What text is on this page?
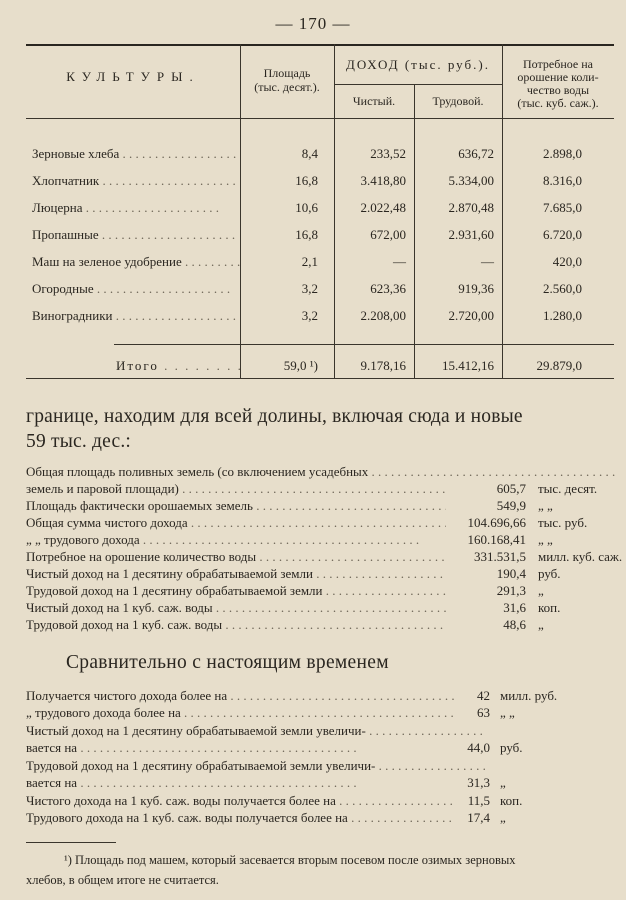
— 170 —
КУЛЬТУРЫ.	Площадь
(тыс. десят.).
ДОХОД (тыс. руб.).
Чистый.	Трудовой.
Потребное на
орошение коли-
чество воды
(тыс. куб. саж.).
Зерновые хлеба . . .	8,4	233,52	636,72	2.898,0
Хлопчатник . . .	16,8	3.418,80	5.334,00	8.316,0
Люцерна . . .	10,6	2.022,48	2.870,48	7.685,0
Пропашные . . .	16,8	672,00	2.931,60	6.720,0
Маш на зеленое удобрение . . .	2,1	—	—	420,0
Огородные . . .	3,2	623,36	919,36	2.560,0
Виноградники . . .	3,2	2.208,00	2.720,00	1.280,0
Итого . . .	59,0 ¹)	9.178,16	15.412,16	29.879,0
границе, находим для всей долины, включая сюда и новые
59 тыс. дес.:
Общая площадь поливных земель (со включением усадебных . . .
земель и паровой площади) . . .	605,7 тыс. десят.
Площадь фактически орошаемых земель . . .	549,9 „ „
Общая сумма чистого дохода . . .	104.696,66 тыс. руб.
„ „ трудового дохода . . .	160.168,41 „ „
Потребное на орошение количество воды . . .	331.531,5 милл. куб. саж.
Чистый доход на 1 десятину обрабатываемой земли . . .	190,4 руб.
Трудовой доход на 1 десятину обрабатываемой земли . . .	291,3 „
Чистый доход на 1 куб. саж. воды . . .	31,6 коп.
Трудовой доход на 1 куб. саж. воды . . .	48,6 „
Сравнительно с настоящим временем
Получается чистого дохода более на . . .	42 милл. руб.
„ трудового дохода более на . . .	63 „ „
Чистый доход на 1 десятину обрабатываемой земли увеличи- . . .
вается на . . .	44,0 руб.
Трудовой доход на 1 десятину обрабатываемой земли увеличи- . . .
вается на . . .	31,3 „
Чистого дохода на 1 куб. саж. воды получается более на . . .	11,5 коп.
Трудового дохода на 1 куб. саж. воды получается более на . . .	17,4 „
¹) Площадь под машем, который засевается вторым посевом после озимых зерновых
хлебов, в общем итоге не считается.
